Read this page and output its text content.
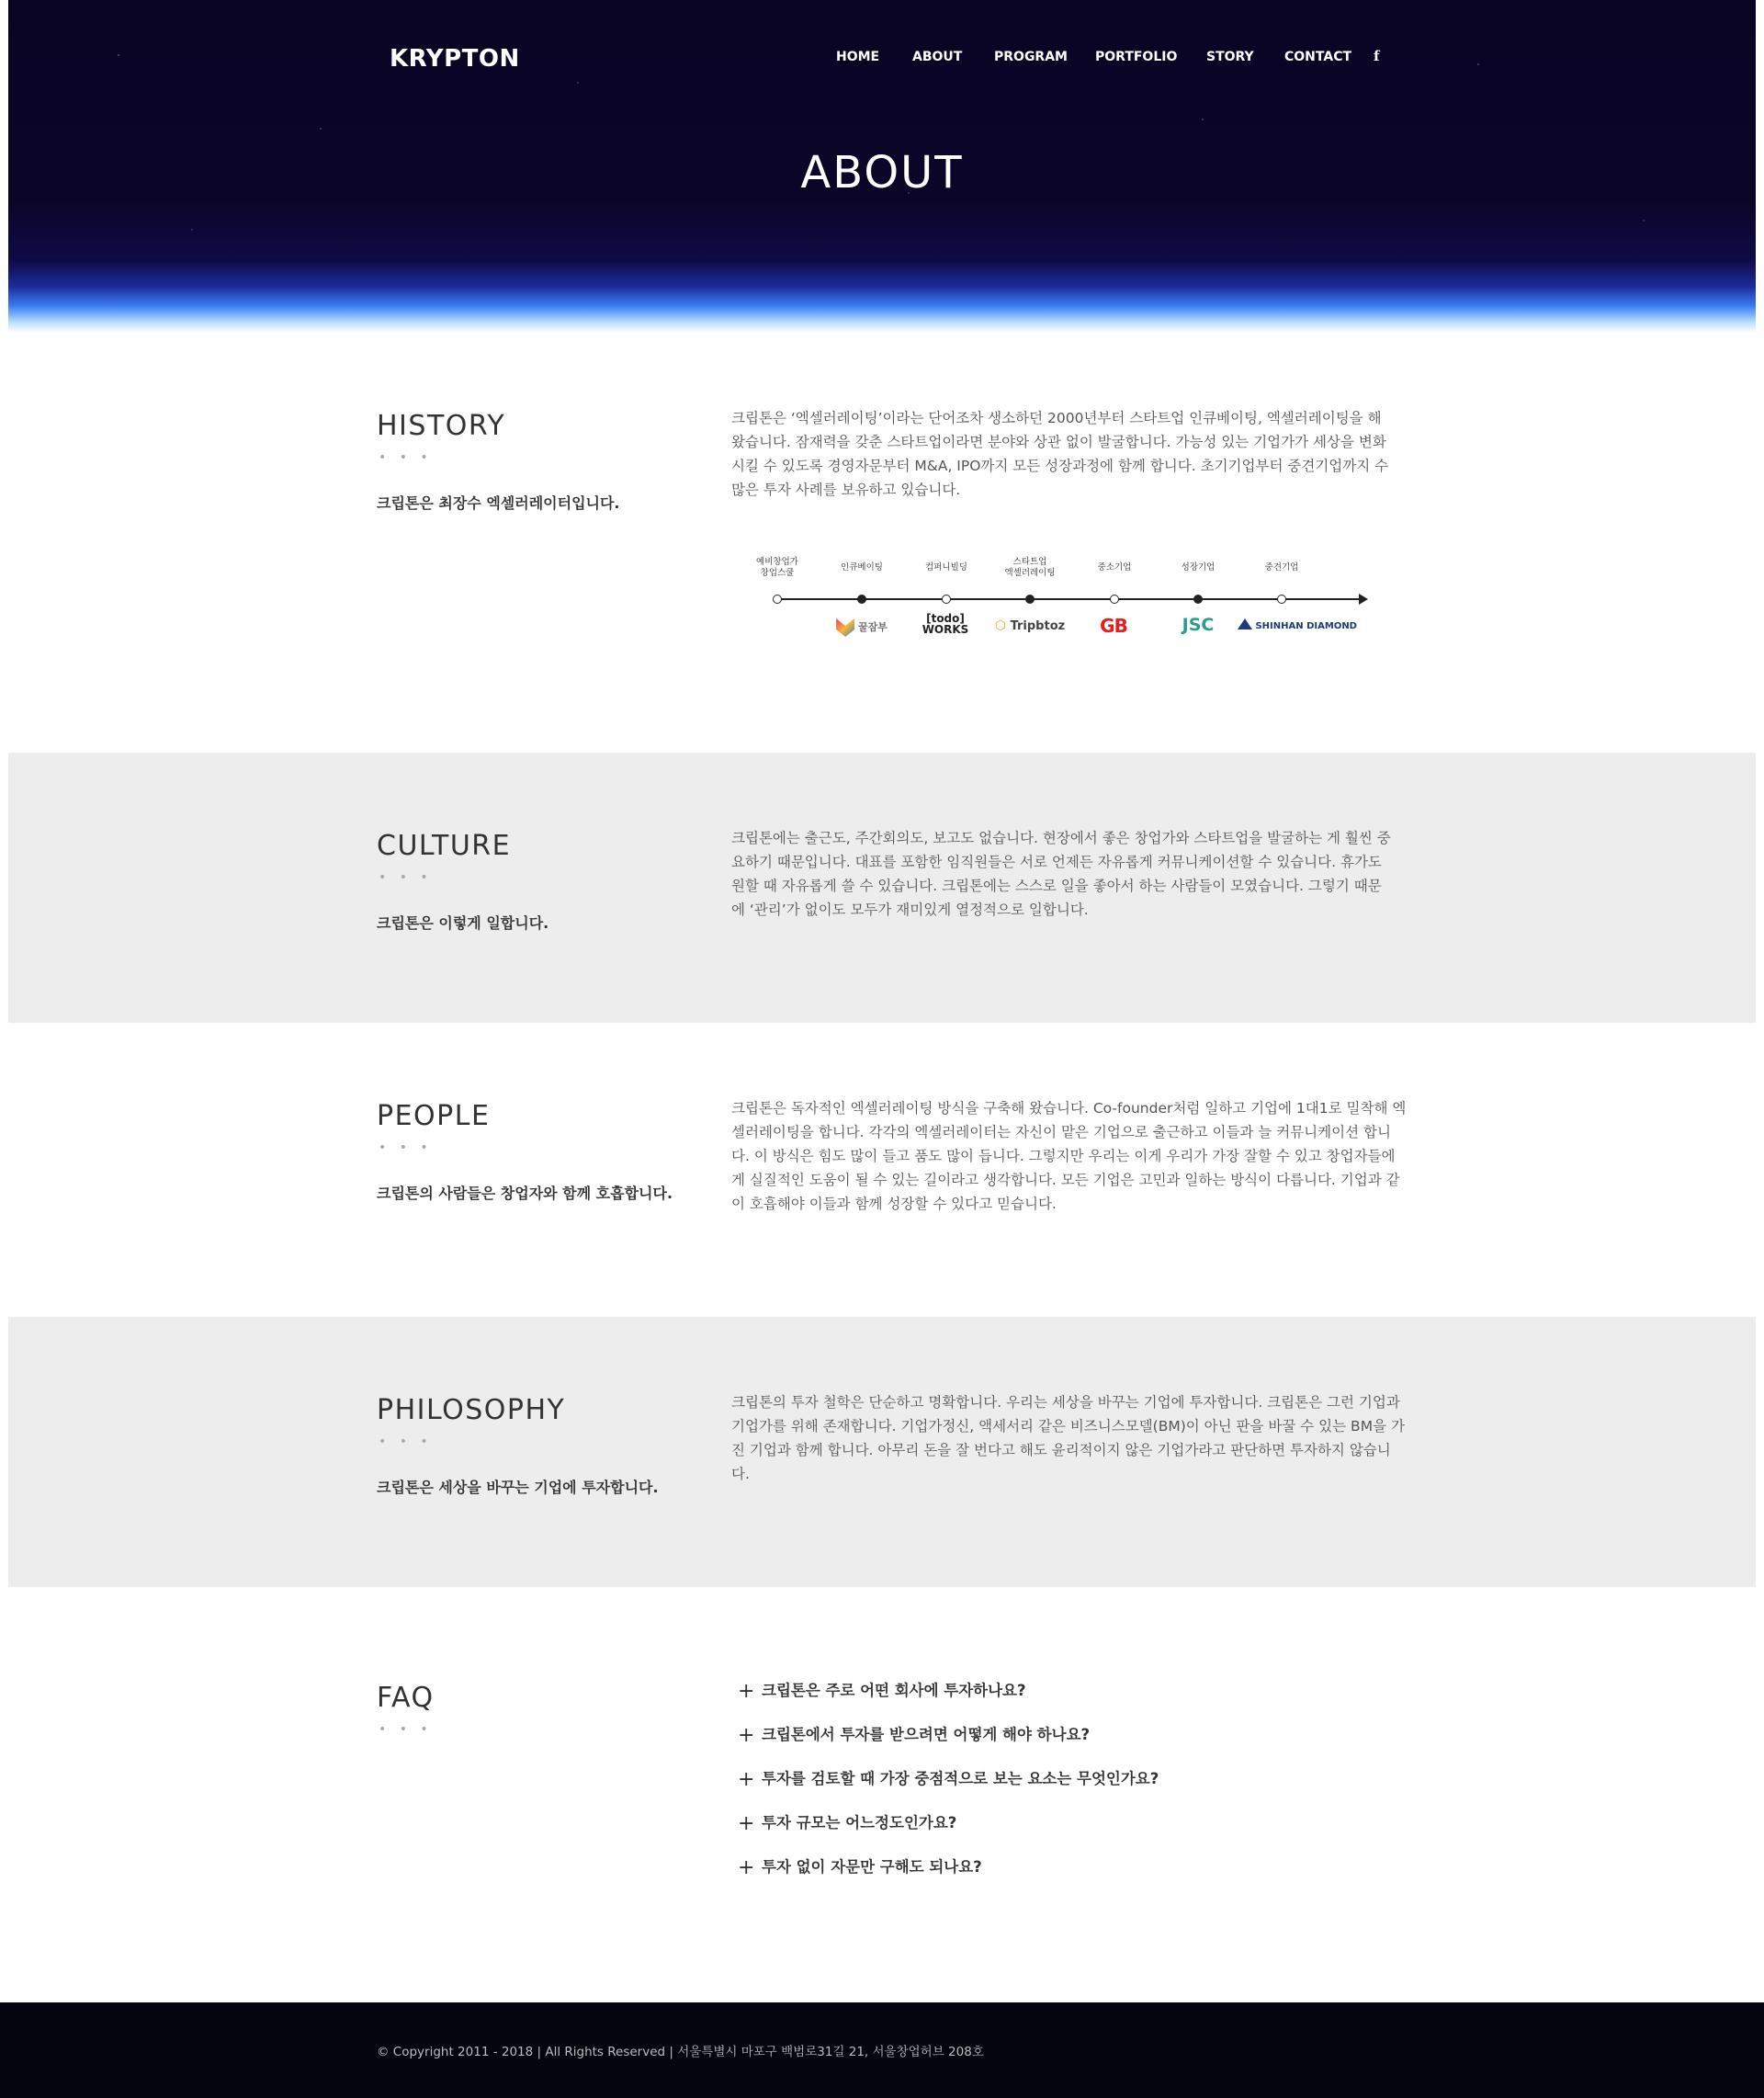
KRYPTON	HOME	ABOUT PROGRAM PORTFOLIO STORY CONTACT f
ABOUT
HISTORY
• • •
크립톤은 최장수 엑셀러레이터입니다.
크립톤은 ‘엑셀러레이팅’이라는 단어조차 생소하던 2000년부터 스타트업 인큐베이팅, 엑셀러레이팅을 해왔습니다. 잠재력을 갖춘 스타트업이라면 분야와 상관 없이 발굴합니다. 가능성 있는 기업가가 세상을 변화시킬 수 있도록 경영자문부터 M&A, IPO까지 모든 성장과정에 함께 합니다. 초기기업부터 중견기업까지 수많은 투자 사례를 보유하고 있습니다.
예비창업가
창업스쿨
인큐베이팅	컴퍼니빌딩
스타트업
엑셀러레이팅
중소기업	성장기업	중견기업
꿀잠부
[todo]
WORKS	⬡ Tripbtoz	GB	JSC	SHINHAN DIAMOND
CULTURE
• • •
크립톤은 이렇게 일합니다.
크립톤에는 출근도, 주간회의도, 보고도 없습니다. 현장에서 좋은 창업가와 스타트업을 발굴하는 게 훨씬 중요하기 때문입니다. 대표를 포함한 임직원들은 서로 언제든 자유롭게 커뮤니케이션할 수 있습니다. 휴가도 원할 때 자유롭게 쓸 수 있습니다. 크립톤에는 스스로 일을 좋아서 하는 사람들이 모였습니다. 그렇기 때문에 ‘관리’가 없이도 모두가 재미있게 열정적으로 일합니다.
PEOPLE
• • •
크립톤의 사람들은 창업자와 함께 호흡합니다.
크립톤은 독자적인 엑셀러레이팅 방식을 구축해 왔습니다. Co-founder처럼 일하고 기업에 1대1로 밀착해 엑셀러레이팅을 합니다. 각각의 엑셀러레이터는 자신이 맡은 기업으로 출근하고 이들과 늘 커뮤니케이션 합니다. 이 방식은 힘도 많이 들고 품도 많이 듭니다. 그렇지만 우리는 이게 우리가 가장 잘할 수 있고 창업자들에게 실질적인 도움이 될 수 있는 길이라고 생각합니다. 모든 기업은 고민과 일하는 방식이 다릅니다. 기업과 같이 호흡해야 이들과 함께 성장할 수 있다고 믿습니다.
PHILOSOPHY
• • •
크립톤은 세상을 바꾸는 기업에 투자합니다.
크립톤의 투자 철학은 단순하고 명확합니다. 우리는 세상을 바꾸는 기업에 투자합니다. 크립톤은 그런 기업과 기업가를 위해 존재합니다. 기업가정신, 액세서리 같은 비즈니스모델(BM)이 아닌 판을 바꿀 수 있는 BM을 가진 기업과 함께 합니다. 아무리 돈을 잘 번다고 해도 윤리적이지 않은 기업가라고 판단하면 투자하지 않습니다.
FAQ
• • •
+ 크립톤은 주로 어떤 회사에 투자하나요?
+ 크립톤에서 투자를 받으려면 어떻게 해야 하나요?
+ 투자를 검토할 때 가장 중점적으로 보는 요소는 무엇인가요?
+ 투자 규모는 어느정도인가요?
+ 투자 없이 자문만 구해도 되나요?
© Copyright 2011 - 2018 | All Rights Reserved | 서울특별시 마포구 백범로31길 21, 서울창업허브 208호
